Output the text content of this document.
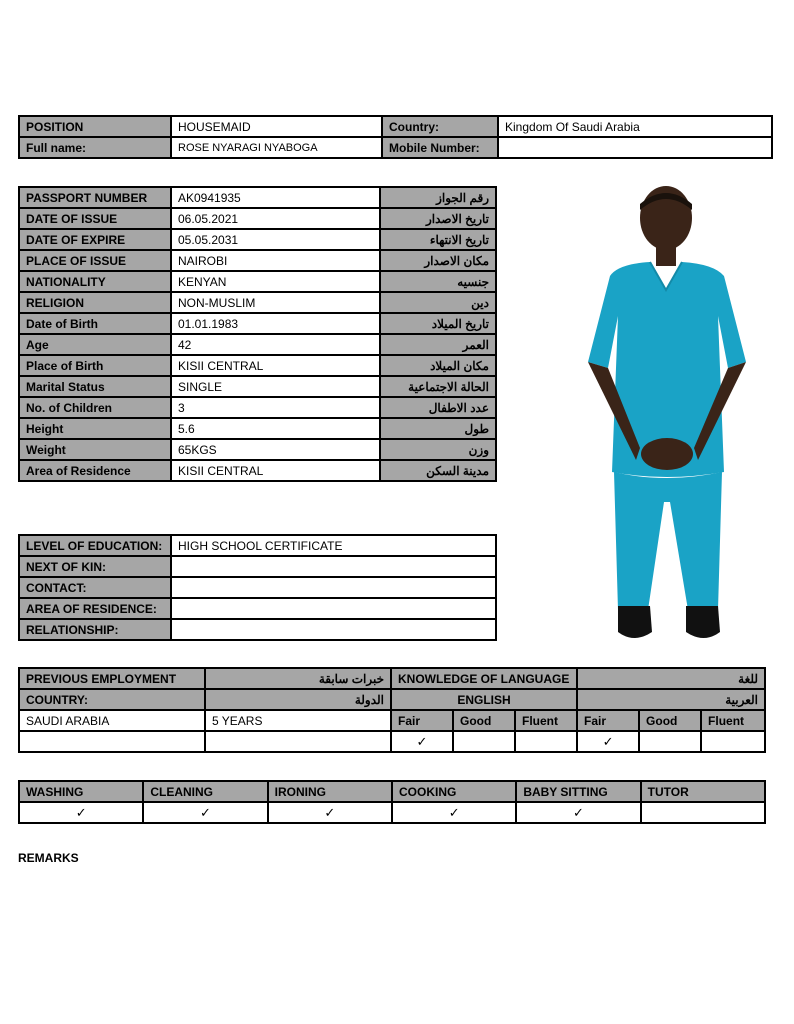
POSITION	HOUSEMAID	Country:	Kingdom Of Saudi Arabia
Full name:	ROSE NYARAGI NYABOGA	Mobile Number:	
PASSPORT NUMBER	AK0941935	رقم الجواز
DATE OF ISSUE	06.05.2021	تاريخ الاصدار
DATE OF EXPIRE	05.05.2031	تاريخ الانتهاء
PLACE OF ISSUE	NAIROBI	مكان الاصدار
NATIONALITY	KENYAN	جنسيه
RELIGION	NON-MUSLIM	دين
Date of Birth	01.01.1983	تاريخ الميلاد
Age	42	العمر
Place of Birth	KISII CENTRAL	مكان الميلاد
Marital Status	SINGLE	الحالة الاجتماعية
No. of Children	3	عدد الاطفال
Height	5.6	طول
Weight	65KGS	وزن
Area of Residence	KISII CENTRAL	مدينة السكن
LEVEL OF EDUCATION:	HIGH SCHOOL CERTIFICATE
NEXT OF KIN:	
CONTACT:	
AREA OF RESIDENCE:	
RELATIONSHIP:	
PREVIOUS EMPLOYMENT	خبرات سابقة	KNOWLEDGE OF LANGUAGE			للغة		
COUNTRY:	الدولة	ENGLISH			العربية		
SAUDI ARABIA	5 YEARS	Fair	Good	Fluent	Fair	Good	Fluent
		✓			✓		
WASHING	CLEANING	IRONING	COOKING	BABY SITTING	TUTOR
✓	✓	✓	✓	✓	
REMARKS
